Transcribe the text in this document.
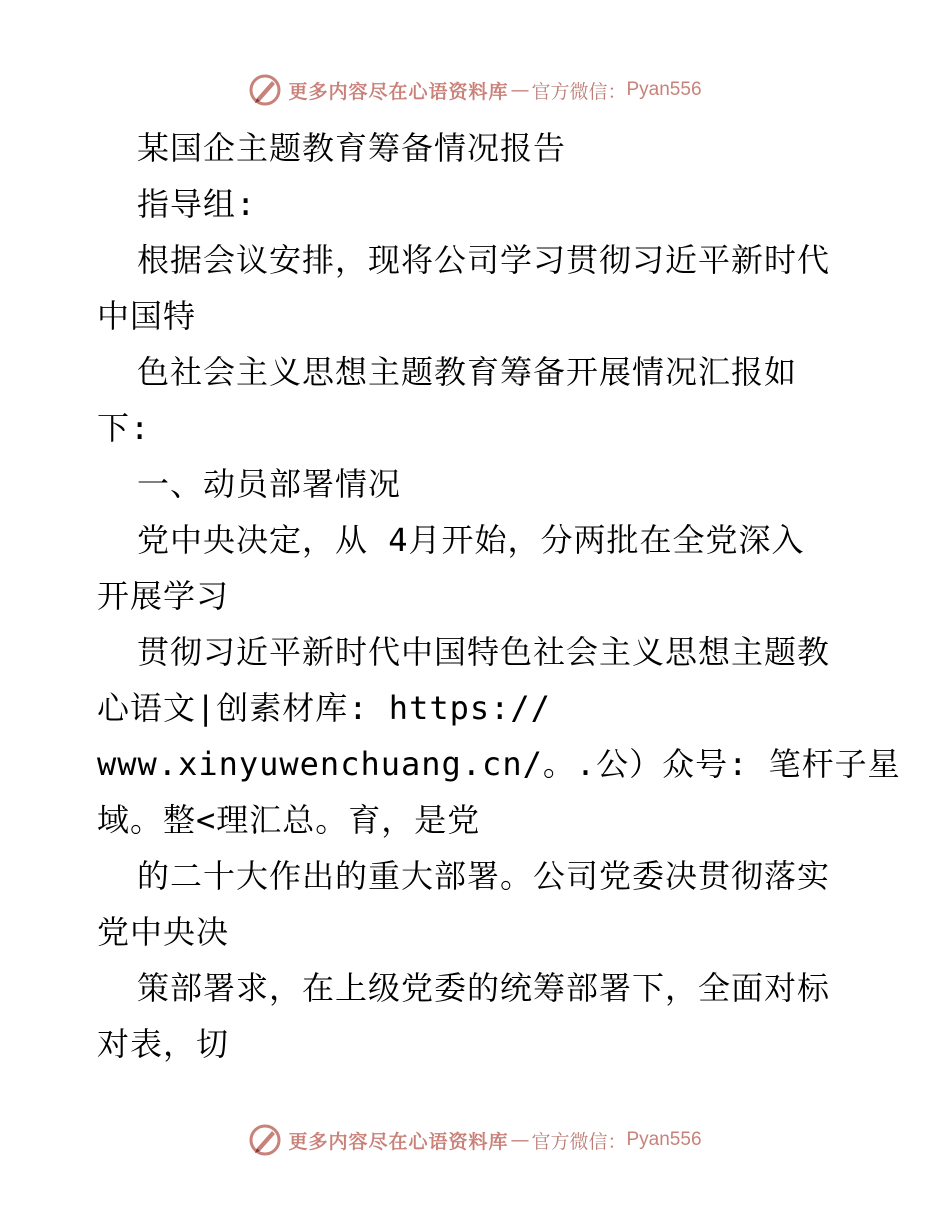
更多内容尽在心语资料库 — 官方微信： Pyan556
某国企主题教育筹备情况报告
指导组:
根据会议安排，现将公司学习贯彻习近平新时代
中国特
色社会主义思想主题教育筹备开展情况汇报如
下:
一、动员部署情况
党中央决定，从 4月开始，分两批在全党深入
开展学习
贯彻习近平新时代中国特色社会主义思想主题教
心语文|创素材库: https://
www.xinyuwenchuang.cn/。.公）众号: 笔杆子星
域。整<理汇总。育，是党
的二十大作出的重大部署。公司党委决贯彻落实
党中央决
策部署求，在上级党委的统筹部署下，全面对标
对表，切
更多内容尽在心语资料库 — 官方微信： Pyan556
